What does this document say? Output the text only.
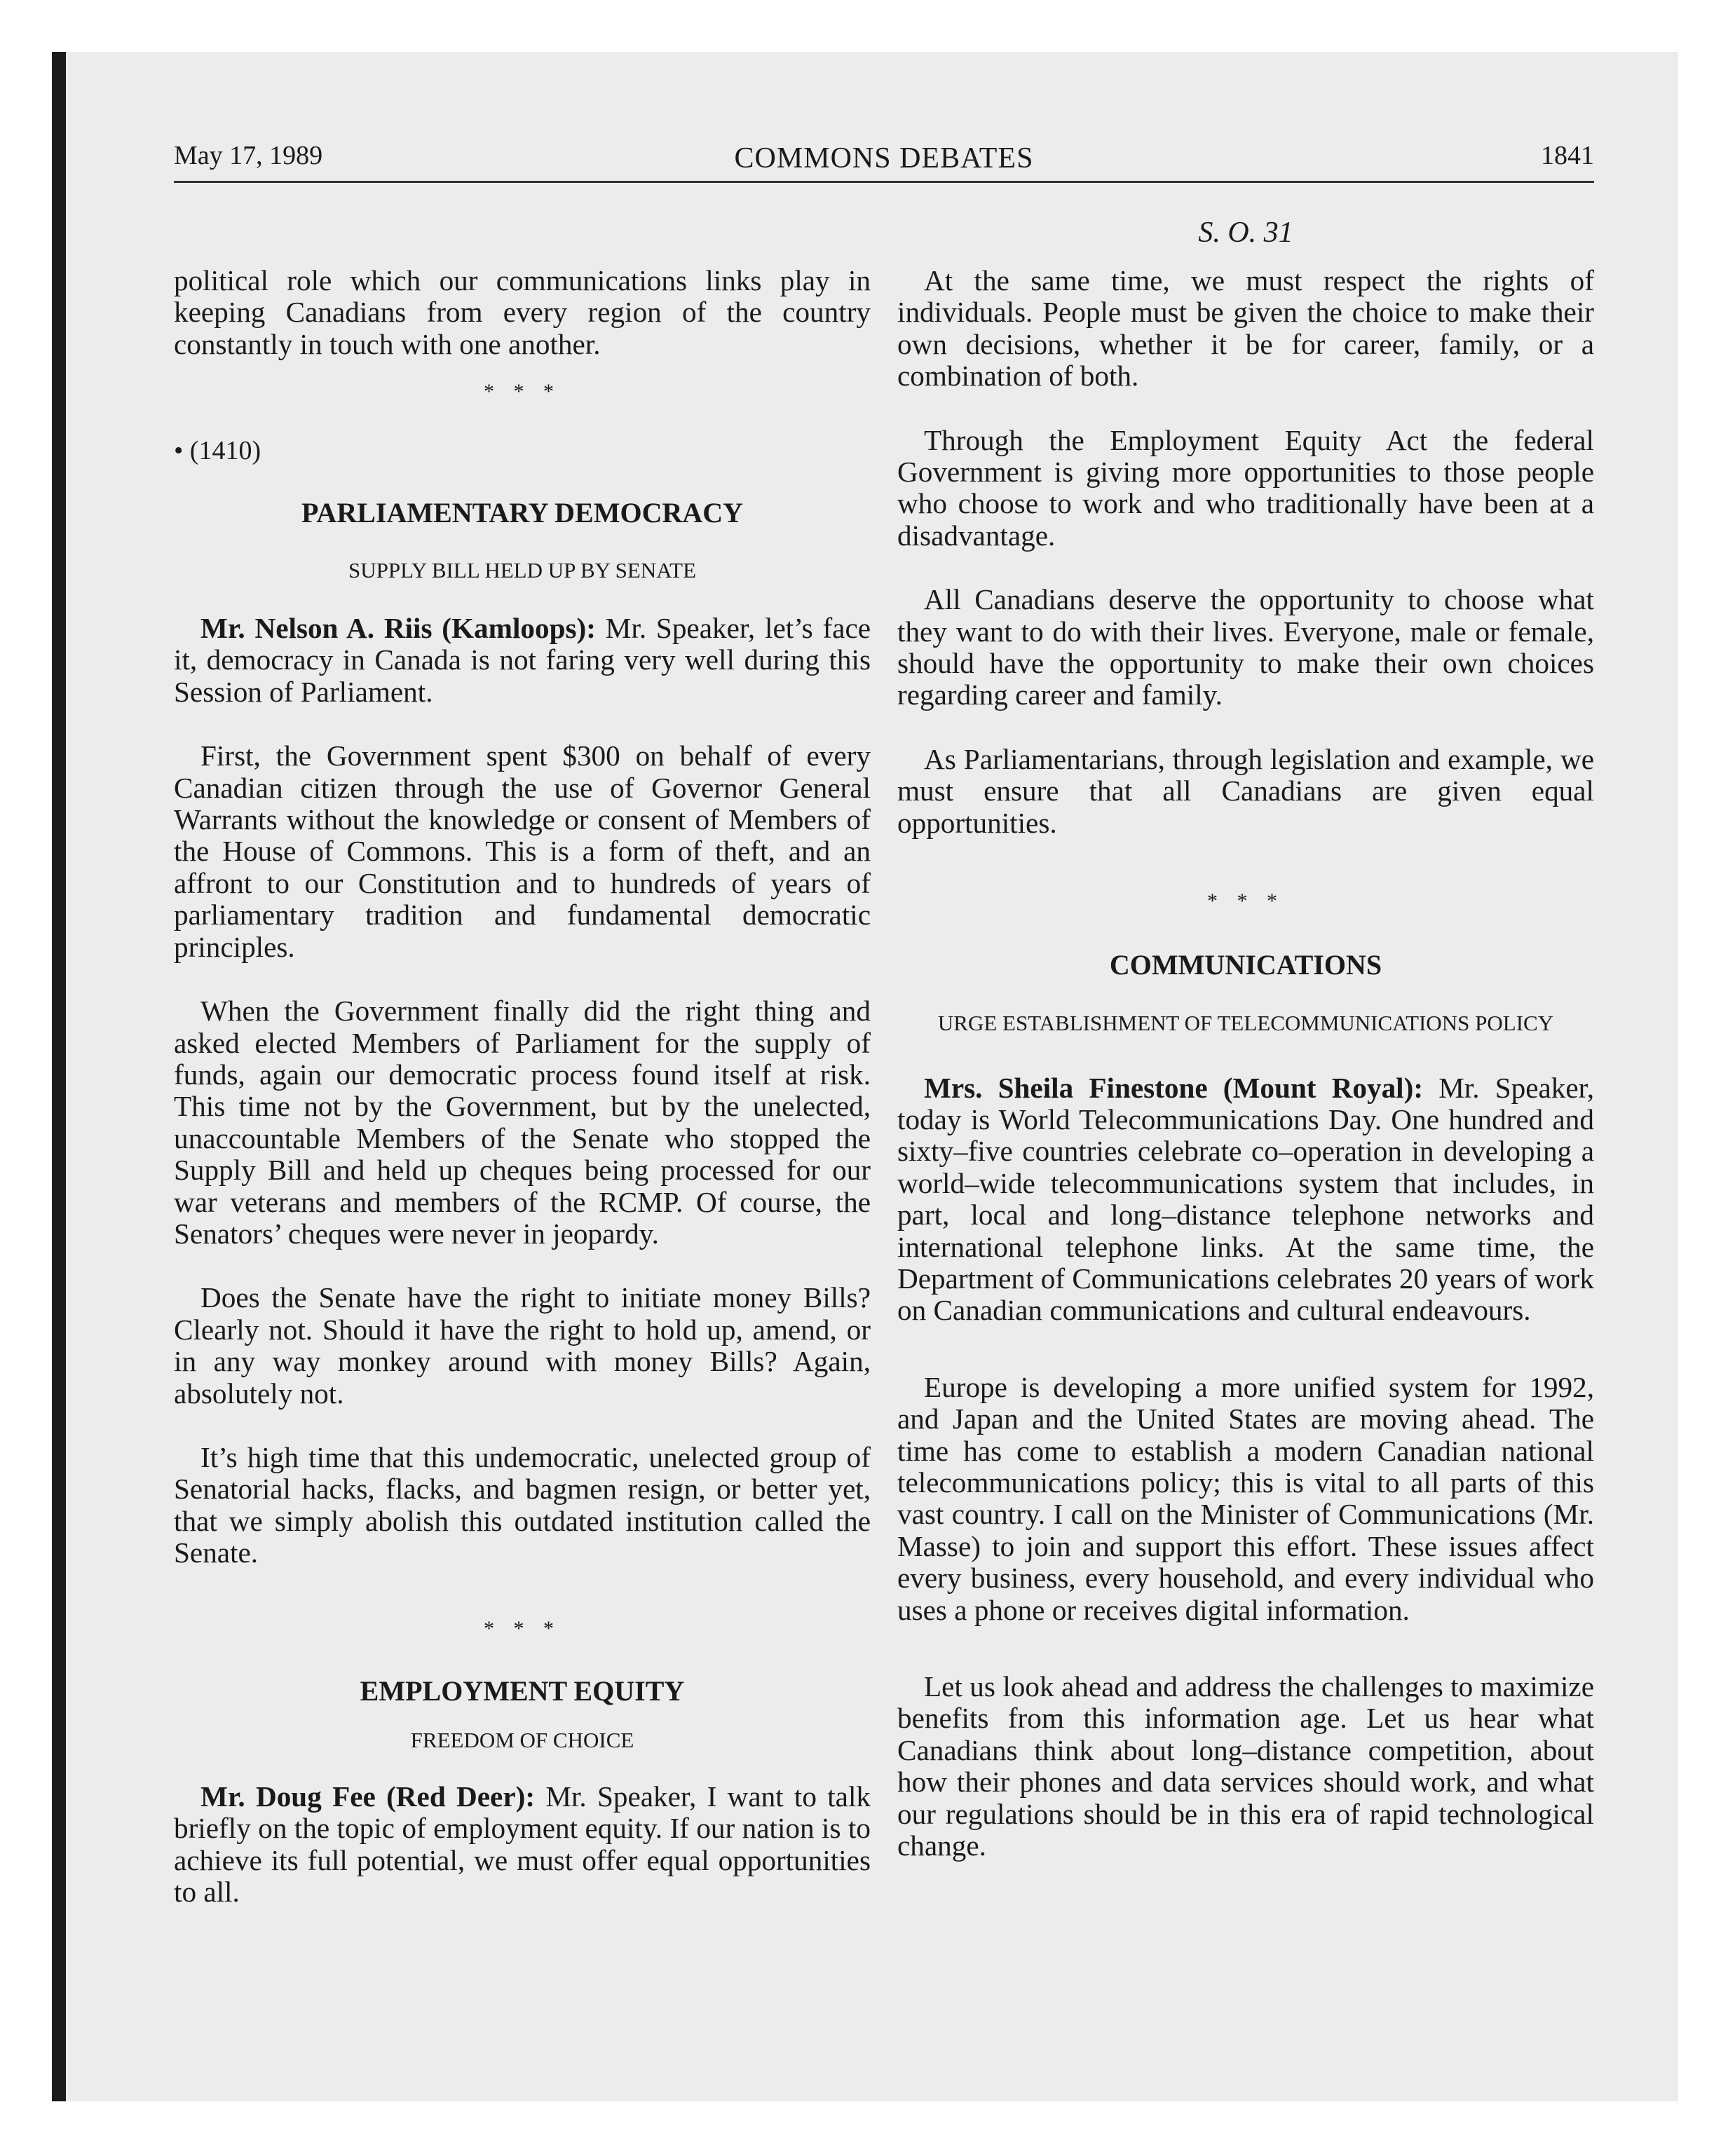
May 17, 1989	COMMONS DEBATES	1841
S. O. 31

political role which our communications links play in keeping Canadians from every region of the country constantly in touch with one another.

* * *

• (1410)

PARLIAMENTARY DEMOCRACY

SUPPLY BILL HELD UP BY SENATE

Mr. Nelson A. Riis (Kamloops): Mr. Speaker, let’s face it, democracy in Canada is not faring very well during this Session of Parliament.

First, the Government spent $300 on behalf of every Canadian citizen through the use of Governor General Warrants without the knowledge or consent of Members of the House of Commons. This is a form of theft, and an affront to our Constitution and to hundreds of years of parliamentary tradition and fundamental democratic principles.

When the Government finally did the right thing and asked elected Members of Parliament for the supply of funds, again our democratic process found itself at risk. This time not by the Government, but by the unelected, unaccountable Members of the Senate who stopped the Supply Bill and held up cheques being processed for our war veterans and members of the RCMP. Of course, the Senators’ cheques were never in jeopardy.

Does the Senate have the right to initiate money Bills? Clearly not. Should it have the right to hold up, amend, or in any way monkey around with money Bills? Again, absolutely not.

It’s high time that this undemocratic, unelected group of Senatorial hacks, flacks, and bagmen resign, or better yet, that we simply abolish this outdated institution called the Senate.

* * *

EMPLOYMENT EQUITY

FREEDOM OF CHOICE

Mr. Doug Fee (Red Deer): Mr. Speaker, I want to talk briefly on the topic of employment equity. If our nation is to achieve its full potential, we must offer equal opportunities to all.

At the same time, we must respect the rights of individuals. People must be given the choice to make their own decisions, whether it be for career, family, or a combination of both.

Through the Employment Equity Act the federal Government is giving more opportunities to those people who choose to work and who traditionally have been at a disadvantage.

All Canadians deserve the opportunity to choose what they want to do with their lives. Everyone, male or female, should have the opportunity to make their own choices regarding career and family.

As Parliamentarians, through legislation and example, we must ensure that all Canadians are given equal opportunities.

* * *

COMMUNICATIONS

URGE ESTABLISHMENT OF TELECOMMUNICATIONS POLICY

Mrs. Sheila Finestone (Mount Royal): Mr. Speaker, today is World Telecommunications Day. One hundred and sixty–five countries celebrate co–operation in developing a world–wide telecommunications system that includes, in part, local and long–distance telephone networks and international telephone links. At the same time, the Department of Communications celebrates 20 years of work on Canadian communications and cultural endeavours.

Europe is developing a more unified system for 1992, and Japan and the United States are moving ahead. The time has come to establish a modern Canadian national telecommunications policy; this is vital to all parts of this vast country. I call on the Minister of Communications (Mr. Masse) to join and support this effort. These issues affect every business, every household, and every individual who uses a phone or receives digital information.

Let us look ahead and address the challenges to maximize benefits from this information age. Let us hear what Canadians think about long–distance competition, about how their phones and data services should work, and what our regulations should be in this era of rapid technological change.
